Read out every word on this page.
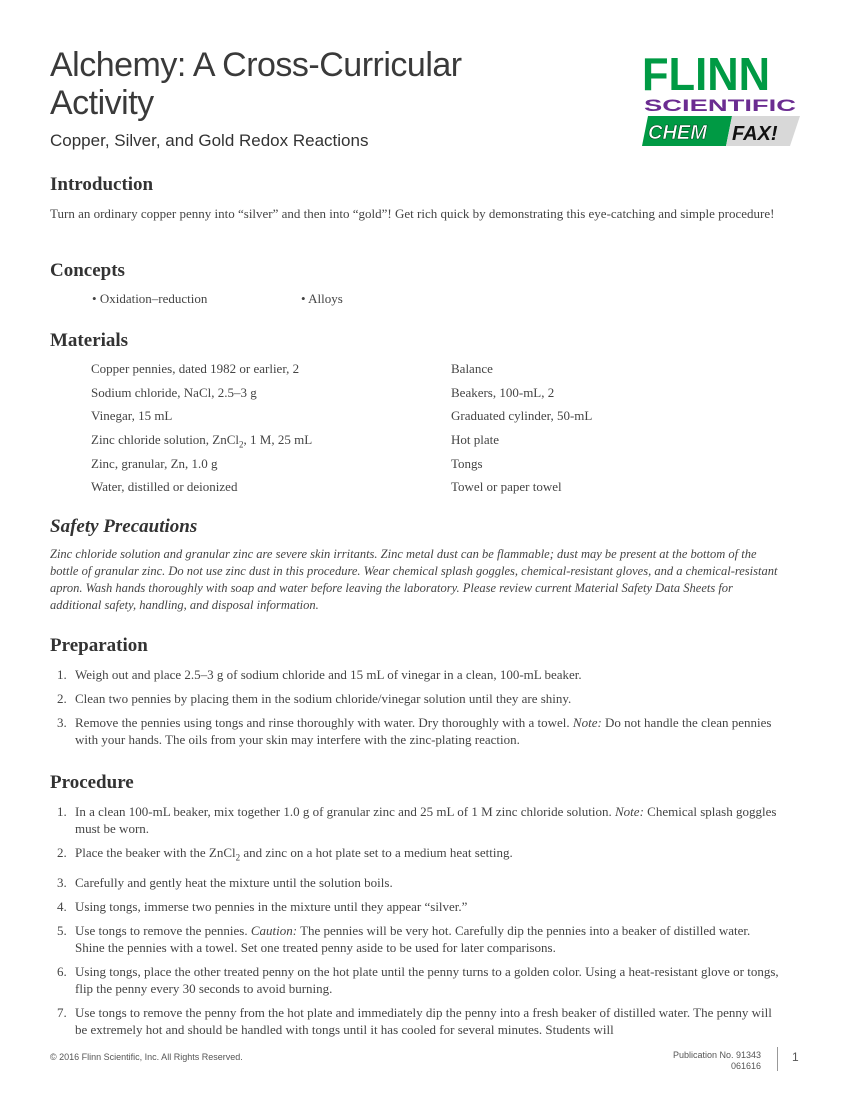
Alchemy: A Cross-Curricular
Activity
Copper, Silver, and Gold Redox Reactions
FLINN
SCIENTIFIC
CHEM FAX!
Introduction

Turn an ordinary copper penny into “silver” and then into “gold”! Get rich quick by demonstrating this eye-catching and simple procedure!

Concepts
• Oxidation–reduction	• Alloys
Materials
Copper pennies, dated 1982 or earlier, 2
Sodium chloride, NaCl, 2.5–3 g
Vinegar, 15 mL
Zinc chloride solution, ZnCl$_2$, 1 M, 25 mL
Zinc, granular, Zn, 1.0 g
Water, distilled or deionized
Balance
Beakers, 100-mL, 2
Graduated cylinder, 50-mL
Hot plate
Tongs
Towel or paper towel
Safety Precautions

Zinc chloride solution and granular zinc are severe skin irritants. Zinc metal dust can be flammable; dust may be present at the bottom of the bottle of granular zinc. Do not use zinc dust in this procedure. Wear chemical splash goggles, chemical-resistant gloves, and a chemical-resistant apron. Wash hands thoroughly with soap and water before leaving the laboratory. Please review current Material Safety Data Sheets for additional safety, handling, and disposal information.

Preparation
1. Weigh out and place 2.5–3 g of sodium chloride and 15 mL of vinegar in a clean, 100-mL beaker.
2. Clean two pennies by placing them in the sodium chloride/vinegar solution until they are shiny.
3. Remove the pennies using tongs and rinse thoroughly with water. Dry thoroughly with a towel. Note: Do not handle the clean pennies with your hands. The oils from your skin may interfere with the zinc-plating reaction.
Procedure
1. In a clean 100-mL beaker, mix together 1.0 g of granular zinc and 25 mL of 1 M zinc chloride solution. Note: Chemical splash goggles must be worn.
2. Place the beaker with the ZnCl$_2$ and zinc on a hot plate set to a medium heat setting.
3. Carefully and gently heat the mixture until the solution boils.
4. Using tongs, immerse two pennies in the mixture until they appear “silver.”
5. Use tongs to remove the pennies. Caution: The pennies will be very hot. Carefully dip the pennies into a beaker of distilled water. Shine the pennies with a towel. Set one treated penny aside to be used for later comparisons.
6. Using tongs, place the other treated penny on the hot plate until the penny turns to a golden color. Using a heat-resistant glove or tongs, flip the penny every 30 seconds to avoid burning.
7. Use tongs to remove the penny from the hot plate and immediately dip the penny into a fresh beaker of distilled water. The penny will be extremely hot and should be handled with tongs until it has cooled for several minutes. Students will
© 2016 Flinn Scientific, Inc. All Rights Reserved.	Publication No. 91343
061616
1
